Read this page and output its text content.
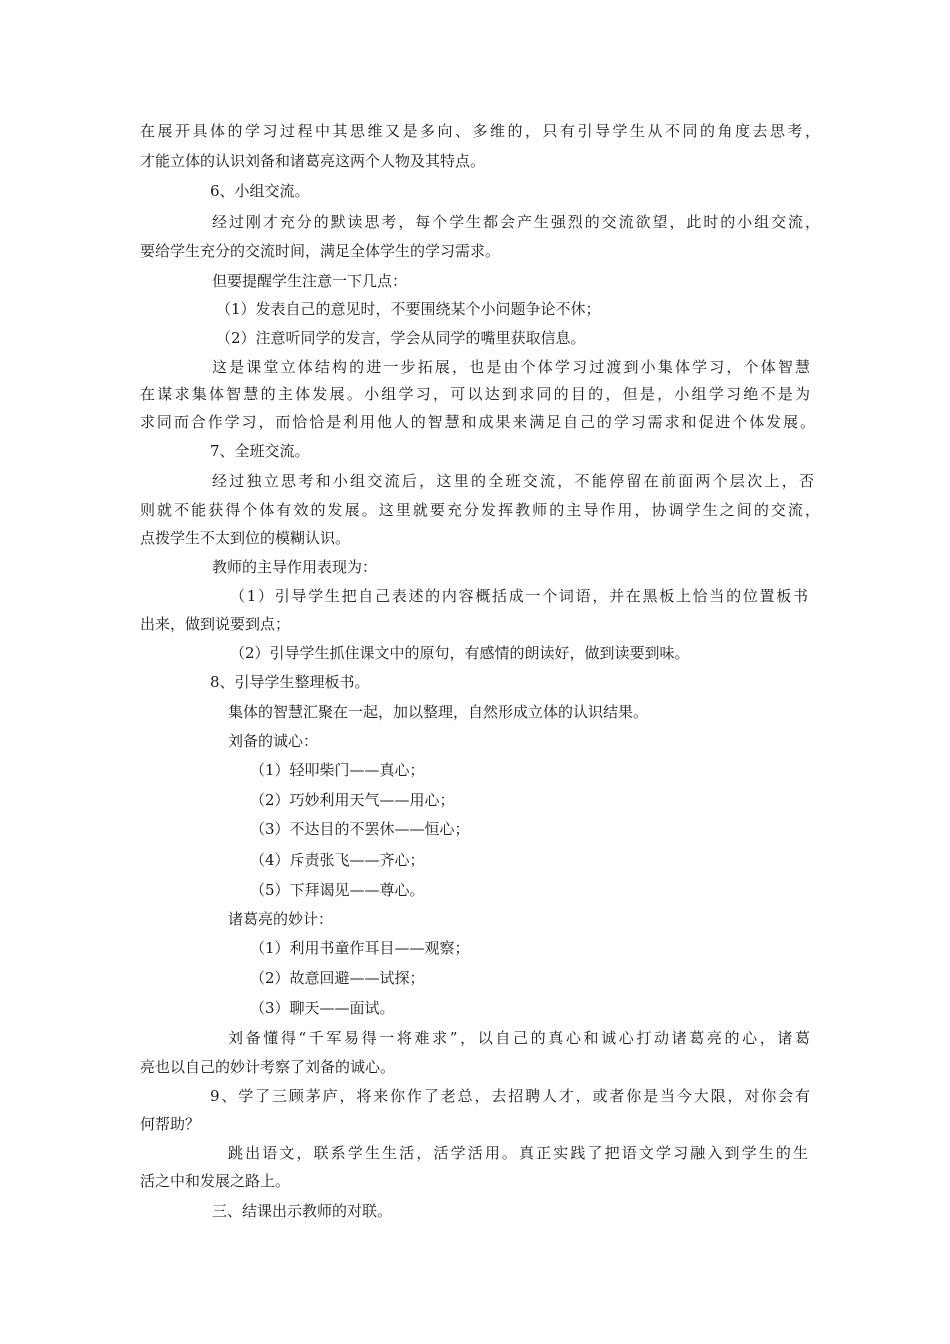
在展开具体的学习过程中其思维又是多向、多维的，只有引导学生从不同的角度去思考，
才能立体的认识刘备和诸葛亮这两个人物及其特点。
6、小组交流。
经过刚才充分的默读思考，每个学生都会产生强烈的交流欲望，此时的小组交流，
要给学生充分的交流时间，满足全体学生的学习需求。
但要提醒学生注意一下几点：
（1）发表自己的意见时，不要围绕某个小问题争论不休；
（2）注意听同学的发言，学会从同学的嘴里获取信息。
这是课堂立体结构的进一步拓展，也是由个体学习过渡到小集体学习，个体智慧
在谋求集体智慧的主体发展。小组学习，可以达到求同的目的，但是，小组学习绝不是为
求同而合作学习，而恰恰是利用他人的智慧和成果来满足自己的学习需求和促进个体发展。
7、全班交流。
经过独立思考和小组交流后，这里的全班交流，不能停留在前面两个层次上，否
则就不能获得个体有效的发展。这里就要充分发挥教师的主导作用，协调学生之间的交流，
点拨学生不太到位的模糊认识。
教师的主导作用表现为：
（1）引导学生把自己表述的内容概括成一个词语，并在黑板上恰当的位置板书
出来，做到说要到点；
（2）引导学生抓住课文中的原句，有感情的朗读好，做到读要到味。
8、引导学生整理板书。
集体的智慧汇聚在一起，加以整理，自然形成立体的认识结果。
刘备的诚心：
（1）轻叩柴门——真心；
（2）巧妙利用天气——用心；
（3）不达目的不罢休——恒心；
（4）斥责张飞——齐心；
（5）下拜谒见——尊心。
诸葛亮的妙计：
（1）利用书童作耳目——观察；
（2）故意回避——试探；
（3）聊天——面试。
刘备懂得“千军易得一将难求”，以自己的真心和诚心打动诸葛亮的心，诸葛
亮也以自己的妙计考察了刘备的诚心。
9、学了三顾茅庐，将来你作了老总，去招聘人才，或者你是当今大限，对你会有
何帮助？
跳出语文，联系学生生活，活学活用。真正实践了把语文学习融入到学生的生
活之中和发展之路上。
三、结课出示教师的对联。
